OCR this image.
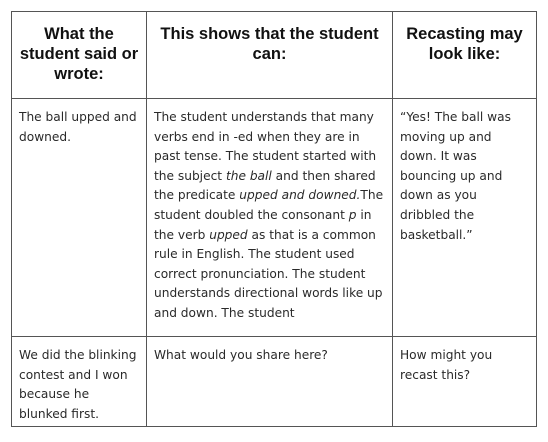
What the student said or wrote:	This shows that the student can:	Recasting may look like:
The ball upped and downed.	The student understands that many verbs end in -ed when they are in past tense. The student started with the subject the ball and then shared the predicate upped and downed.The student doubled the consonant p in the verb upped as that is a common rule in English. The student used correct pronunciation. The student understands directional words like up and down. The student	“Yes! The ball was moving up and down. It was bouncing up and down as you dribbled the basketball.”
We did the blinking contest and I won because he blunked first.	What would you share here?	How might you recast this?
